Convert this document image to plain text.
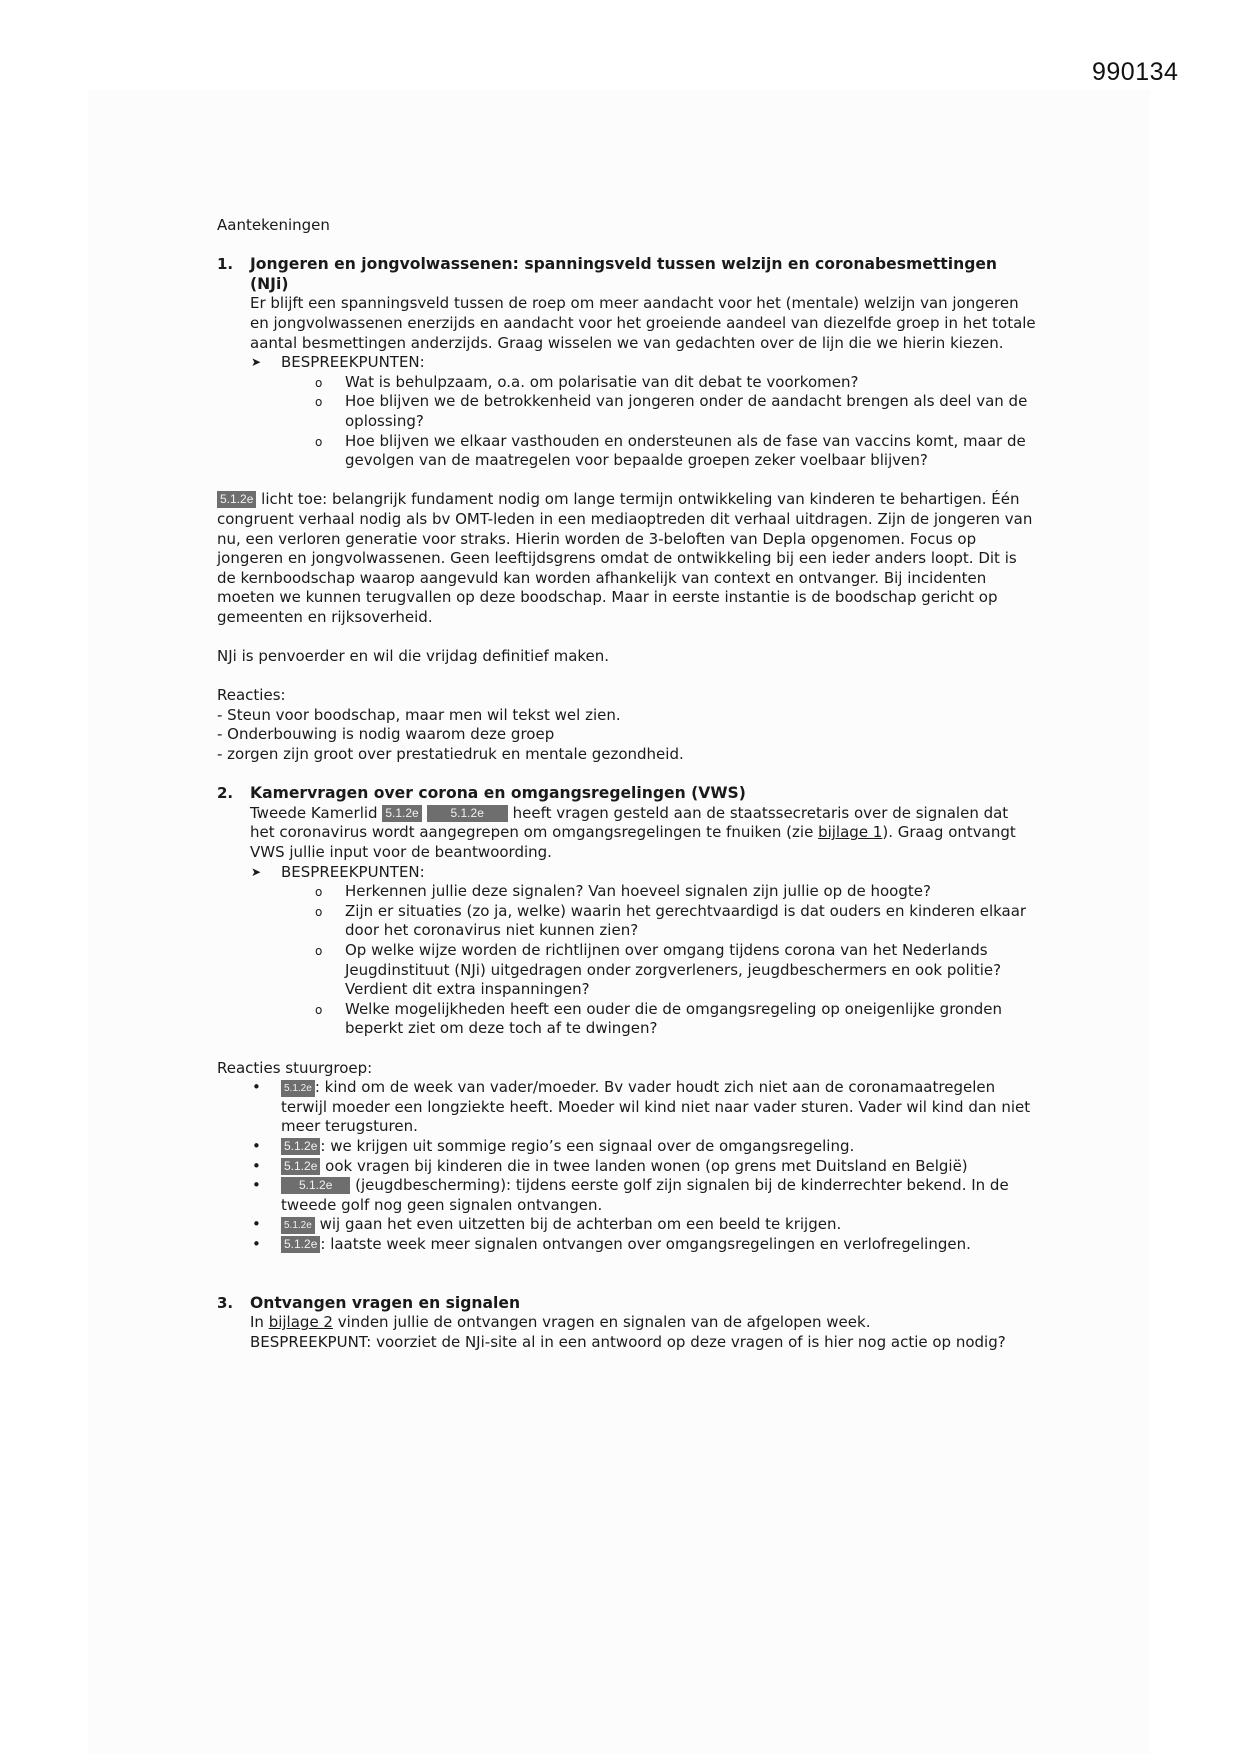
990134

Aantekeningen

1. Jongeren en jongvolwassenen: spanningsveld tussen welzijn en coronabesmettingen (NJi)

Er blijft een spanningsveld tussen de roep om meer aandacht voor het (mentale) welzijn van jongeren en jongvolwassenen enerzijds en aandacht voor het groeiende aandeel van diezelfde groep in het totale aantal besmettingen anderzijds. Graag wisselen we van gedachten over de lijn die we hierin kiezen.

➤ BESPREEKPUNTEN:
o Wat is behulpzaam, o.a. om polarisatie van dit debat te voorkomen?
o Hoe blijven we de betrokkenheid van jongeren onder de aandacht brengen als deel van de oplossing?
o Hoe blijven we elkaar vasthouden en ondersteunen als de fase van vaccins komt, maar de gevolgen van de maatregelen voor bepaalde groepen zeker voelbaar blijven?

5.1.2e licht toe: belangrijk fundament nodig om lange termijn ontwikkeling van kinderen te behartigen. Één congruent verhaal nodig als bv OMT-leden in een mediaoptreden dit verhaal uitdragen. Zijn de jongeren van nu, een verloren generatie voor straks. Hierin worden de 3-beloften van Depla opgenomen. Focus op jongeren en jongvolwassenen. Geen leeftijdsgrens omdat de ontwikkeling bij een ieder anders loopt. Dit is de kernboodschap waarop aangevuld kan worden afhankelijk van context en ontvanger. Bij incidenten moeten we kunnen terugvallen op deze boodschap. Maar in eerste instantie is de boodschap gericht op gemeenten en rijksoverheid.

NJi is penvoerder en wil die vrijdag definitief maken.

Reacties:

- Steun voor boodschap, maar men wil tekst wel zien.

- Onderbouwing is nodig waarom deze groep

- zorgen zijn groot over prestatiedruk en mentale gezondheid.

2. Kamervragen over corona en omgangsregelingen (VWS)

Tweede Kamerlid 5.1.2e	5.1.2e heeft vragen gesteld aan de staatssecretaris over de signalen dat het coronavirus wordt aangegrepen om omgangsregelingen te fnuiken (zie bijlage 1). Graag ontvangt VWS jullie input voor de beantwoording.

➤ BESPREEKPUNTEN:
o Herkennen jullie deze signalen? Van hoeveel signalen zijn jullie op de hoogte?
o Zijn er situaties (zo ja, welke) waarin het gerechtvaardigd is dat ouders en kinderen elkaar door het coronavirus niet kunnen zien?
o Op welke wijze worden de richtlijnen over omgang tijdens corona van het Nederlands Jeugdinstituut (NJi) uitgedragen onder zorgverleners, jeugdbeschermers en ook politie? Verdient dit extra inspanningen?
o Welke mogelijkheden heeft een ouder die de omgangsregeling op oneigenlijke gronden beperkt ziet om deze toch af te dwingen?

Reacties stuurgroep:

• 5.1.2e : kind om de week van vader/moeder. Bv vader houdt zich niet aan de coronamaatregelen terwijl moeder een longziekte heeft. Moeder wil kind niet naar vader sturen. Vader wil kind dan niet meer terugsturen.
• 5.1.2e : we krijgen uit sommige regio’s een signaal over de omgangsregeling.
• 5.1.2e ook vragen bij kinderen die in twee landen wonen (op grens met Duitsland en België)
•	5.1.2e (jeugdbescherming): tijdens eerste golf zijn signalen bij de kinderrechter bekend. In de tweede golf nog geen signalen ontvangen.
• 5.1.2e wij gaan het even uitzetten bij de achterban om een beeld te krijgen.
• 5.1.2e : laatste week meer signalen ontvangen over omgangsregelingen en verlofregelingen.
3. Ontvangen vragen en signalen

In bijlage 2 vinden jullie de ontvangen vragen en signalen van de afgelopen week.

BESPREEKPUNT: voorziet de NJi-site al in een antwoord op deze vragen of is hier nog actie op nodig?
